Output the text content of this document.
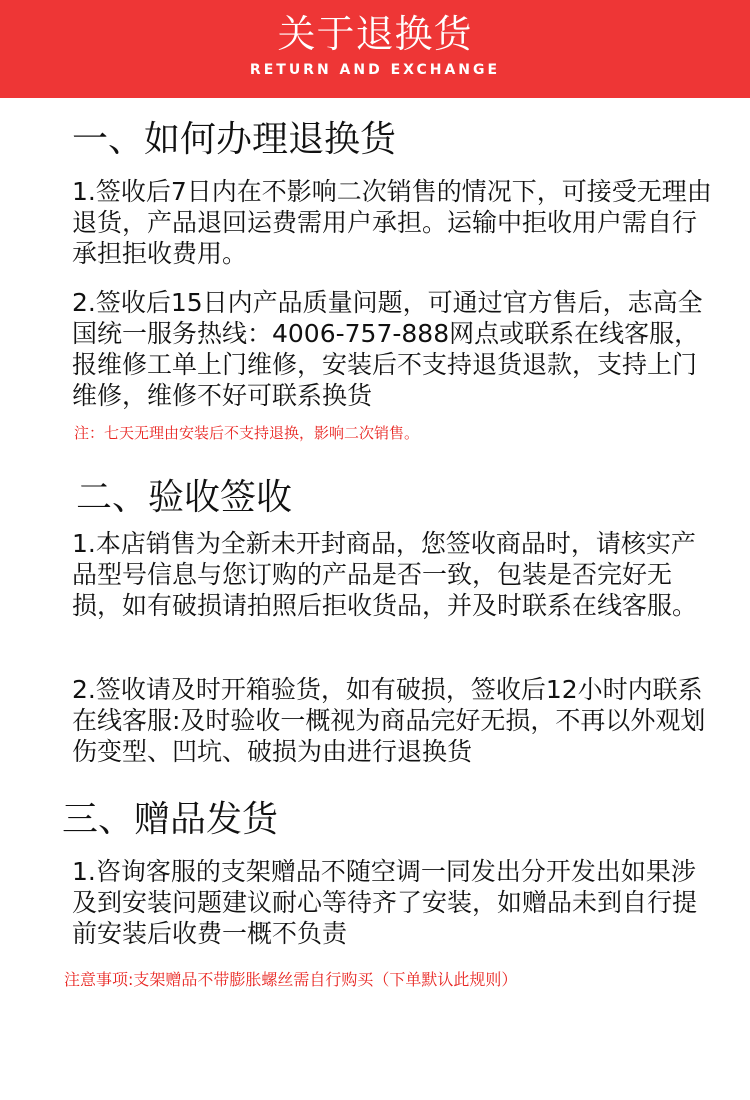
关于退换货
RETURN AND EXCHANGE
一、如何办理退换货
1.签收后7日内在不影响二次销售的情况下，可接受无理由退货，产品退回运费需用户承担。运输中拒收用户需自行承担拒收费用。
2.签收后15日内产品质量问题，可通过官方售后，志高全国统一服务热线：4006-757-888网点或联系在线客服，报维修工单上门维修，安装后不支持退货退款，支持上门维修，维修不好可联系换货
注：七天无理由安装后不支持退换，影响二次销售。
二、验收签收
1.本店销售为全新未开封商品，您签收商品时，请核实产品型号信息与您订购的产品是否一致，包装是否完好无损，如有破损请拍照后拒收货品，并及时联系在线客服。
2.签收请及时开箱验货，如有破损，签收后12小时内联系在线客服:及时验收一概视为商品完好无损，不再以外观划伤变型、凹坑、破损为由进行退换货
三、赠品发货
1.咨询客服的支架赠品不随空调一同发出分开发出如果涉及到安装问题建议耐心等待齐了安装，如赠品未到自行提前安装后收费一概不负责
注意事项:支架赠品不带膨胀螺丝需自行购买（下单默认此规则）
